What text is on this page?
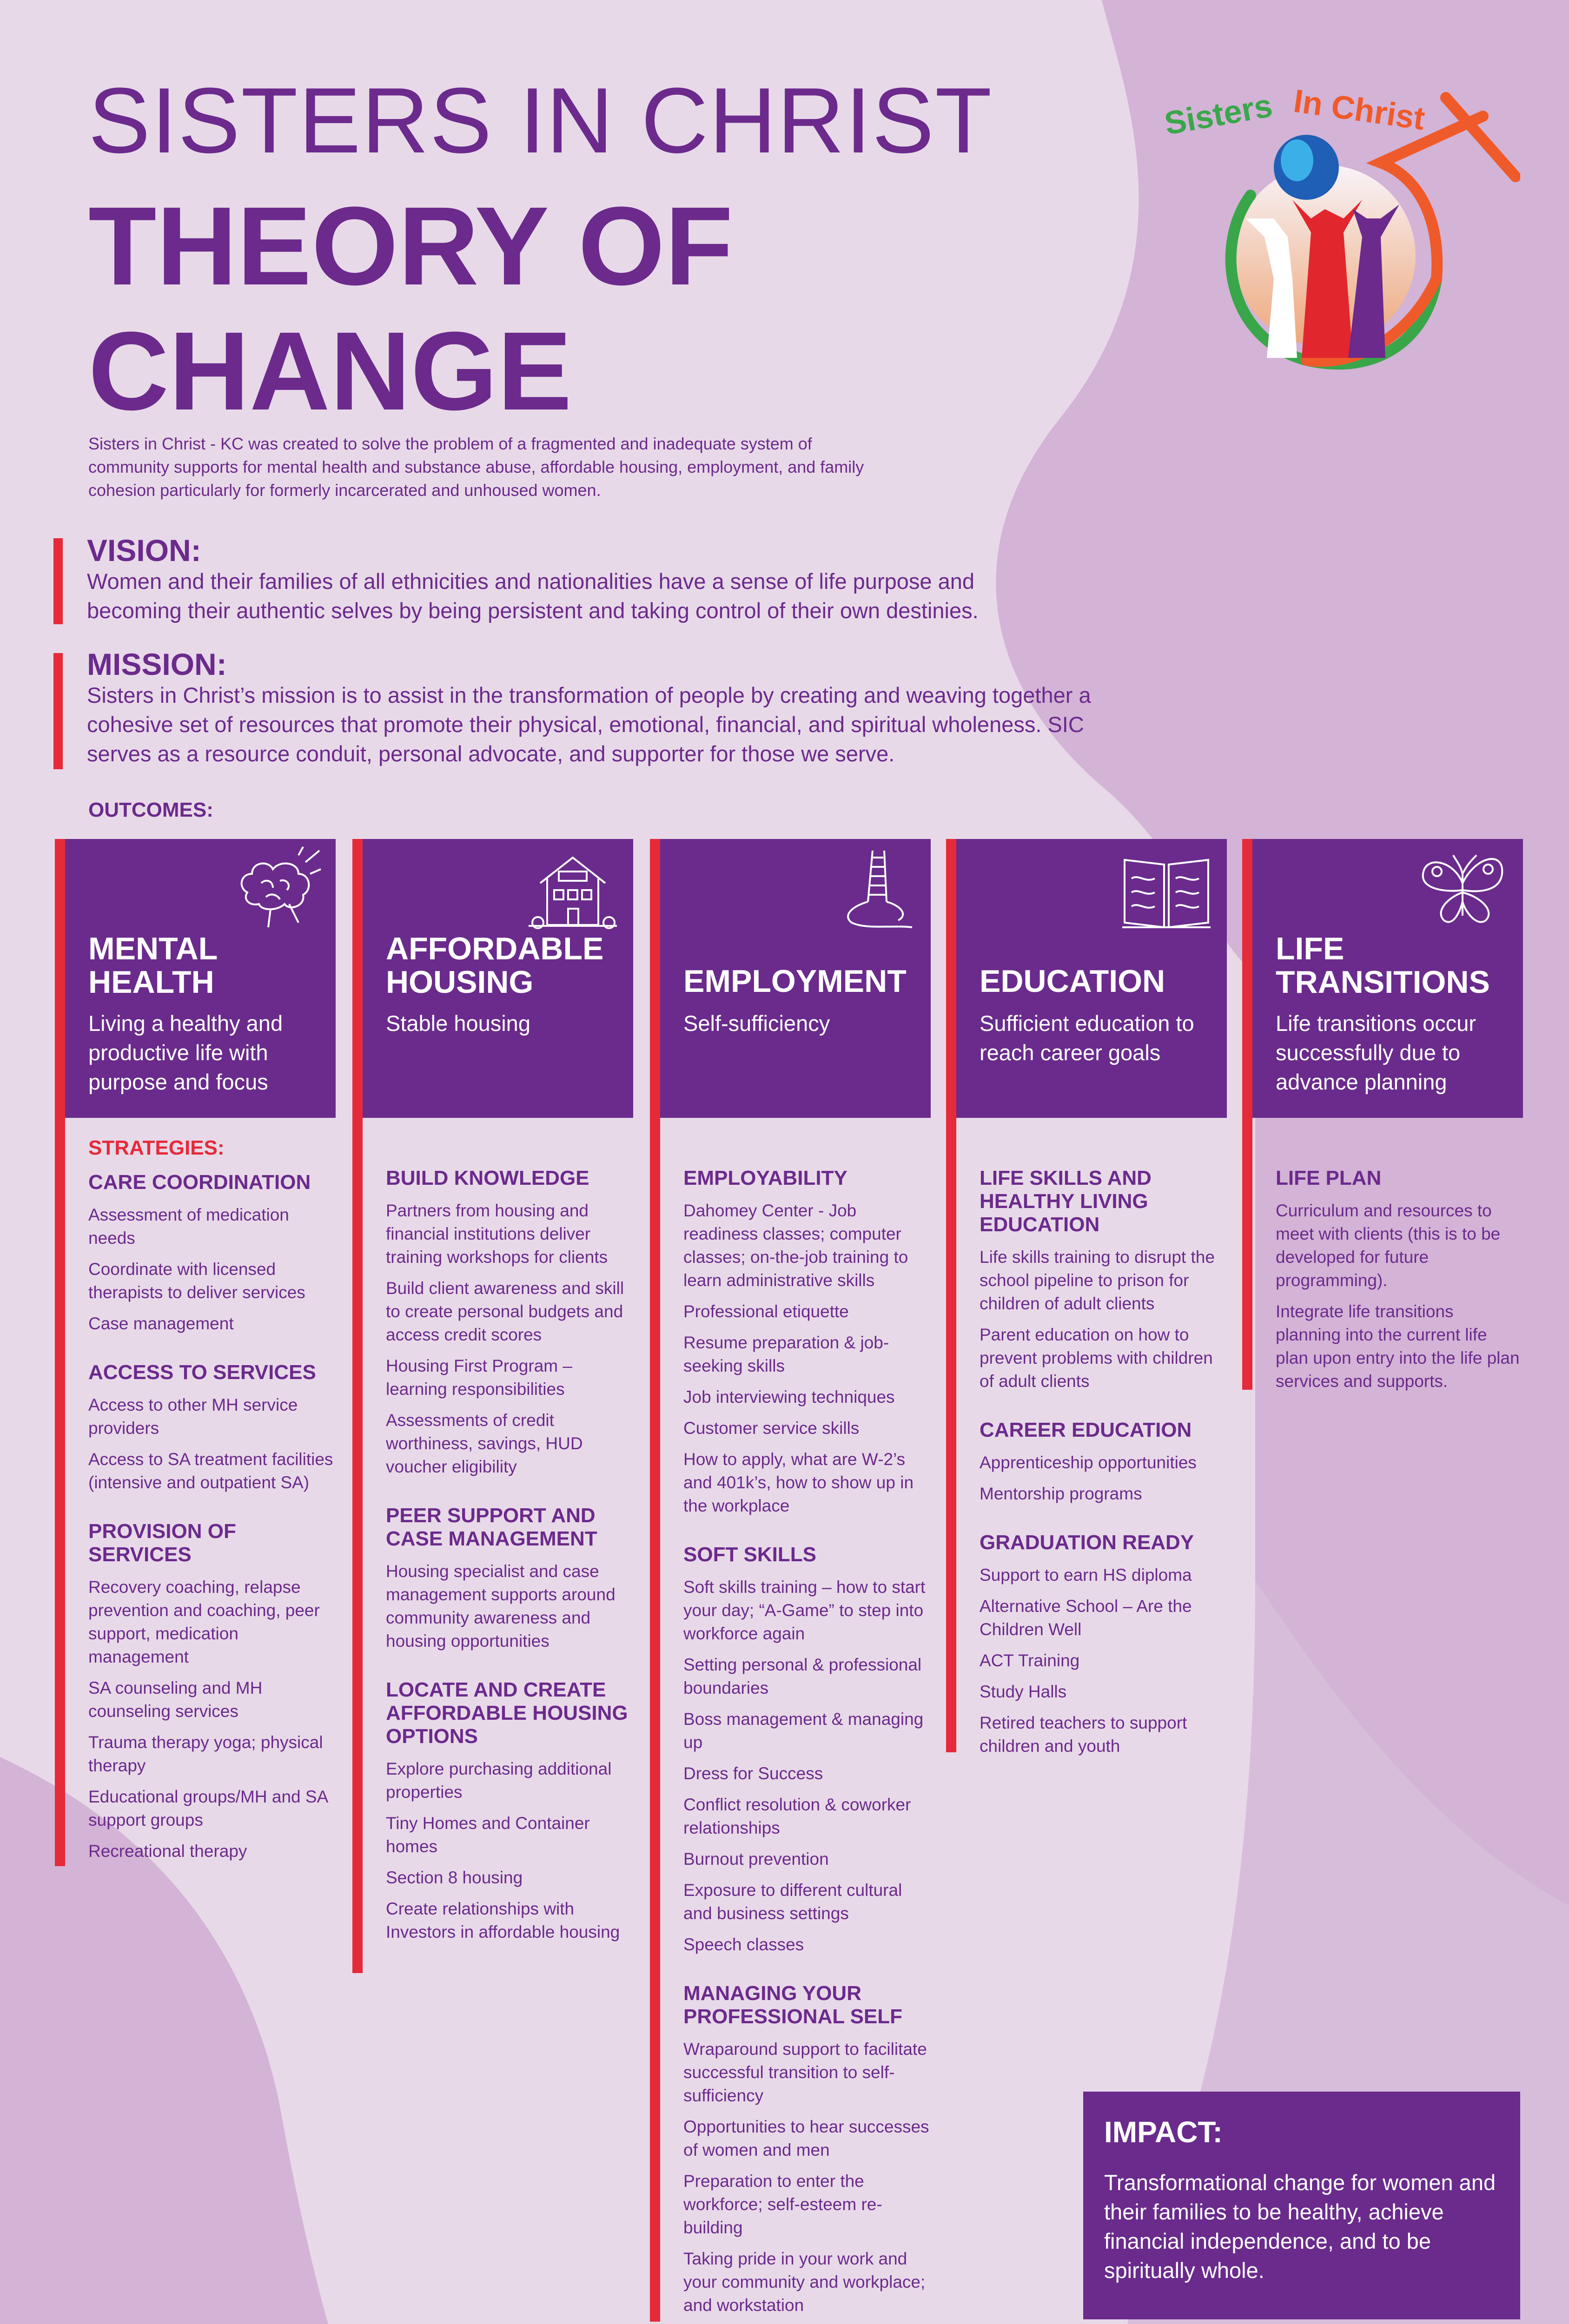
SISTERS IN CHRIST
THEORY OF
CHANGE
Sisters in Christ - KC was created to solve the problem of a fragmented and inadequate system of community supports for mental health and substance abuse, affordable housing, employment, and family cohesion particularly for formerly incarcerated and unhoused women.
Sisters In Christ
VISION:
Women and their families of all ethnicities and nationalities have a sense of life purpose and becoming their authentic selves by being persistent and taking control of their own destinies.
MISSION:
Sisters in Christ’s mission is to assist in the transformation of people by creating and weaving together a cohesive set of resources that promote their physical, emotional, financial, and spiritual wholeness. SIC serves as a resource conduit, personal advocate, and supporter for those we serve.
OUTCOMES:
MENTAL HEALTH
Living a healthy and productive life with purpose and focus
STRATEGIES:
CARE COORDINATION
Assessment of medication needs
Coordinate with licensed therapists to deliver services
Case management
ACCESS TO SERVICES
Access to other MH service providers
Access to SA treatment facilities (intensive and outpatient SA)
PROVISION OF SERVICES
Recovery coaching, relapse prevention and coaching, peer support, medication management
SA counseling and MH counseling services
Trauma therapy yoga; physical therapy
Educational groups/MH and SA support groups
Recreational therapy
AFFORDABLE HOUSING
Stable housing
BUILD KNOWLEDGE
Partners from housing and financial institutions deliver training workshops for clients
Build client awareness and skill to create personal budgets and access credit scores
Housing First Program – learning responsibilities
Assessments of credit worthiness, savings, HUD voucher eligibility
PEER SUPPORT AND CASE MANAGEMENT
Housing specialist and case management supports around community awareness and housing opportunities
LOCATE AND CREATE AFFORDABLE HOUSING OPTIONS
Explore purchasing additional properties
Tiny Homes and Container homes
Section 8 housing
Create relationships with Investors in affordable housing
EMPLOYMENT
Self-sufficiency
EMPLOYABILITY
Dahomey Center - Job readiness classes; computer classes; on-the-job training to learn administrative skills
Professional etiquette
Resume preparation & job-seeking skills
Job interviewing techniques
Customer service skills
How to apply, what are W-2’s and 401k’s, how to show up in the workplace
SOFT SKILLS
Soft skills training – how to start your day; “A-Game” to step into workforce again
Setting personal & professional boundaries
Boss management & managing up
Dress for Success
Conflict resolution & coworker relationships
Burnout prevention
Exposure to different cultural and business settings
Speech classes
MANAGING YOUR PROFESSIONAL SELF
Wraparound support to facilitate successful transition to self-sufficiency
Opportunities to hear successes of women and men
Preparation to enter the workforce; self-esteem re-building
Taking pride in your work and your community and workplace; and workstation
EDUCATION
Sufficient education to reach career goals
LIFE SKILLS AND HEALTHY LIVING EDUCATION
Life skills training to disrupt the school pipeline to prison for children of adult clients
Parent education on how to prevent problems with children of adult clients
CAREER EDUCATION
Apprenticeship opportunities
Mentorship programs
GRADUATION READY
Support to earn HS diploma
Alternative School – Are the Children Well
ACT Training
Study Halls
Retired teachers to support children and youth
LIFE TRANSITIONS
Life transitions occur successfully due to advance planning
LIFE PLAN
Curriculum and resources to meet with clients (this is to be developed for future programming).
Integrate life transitions planning into the current life plan upon entry into the life plan services and supports.
IMPACT:
Transformational change for women and their families to be healthy, achieve financial independence, and to be spiritually whole.
